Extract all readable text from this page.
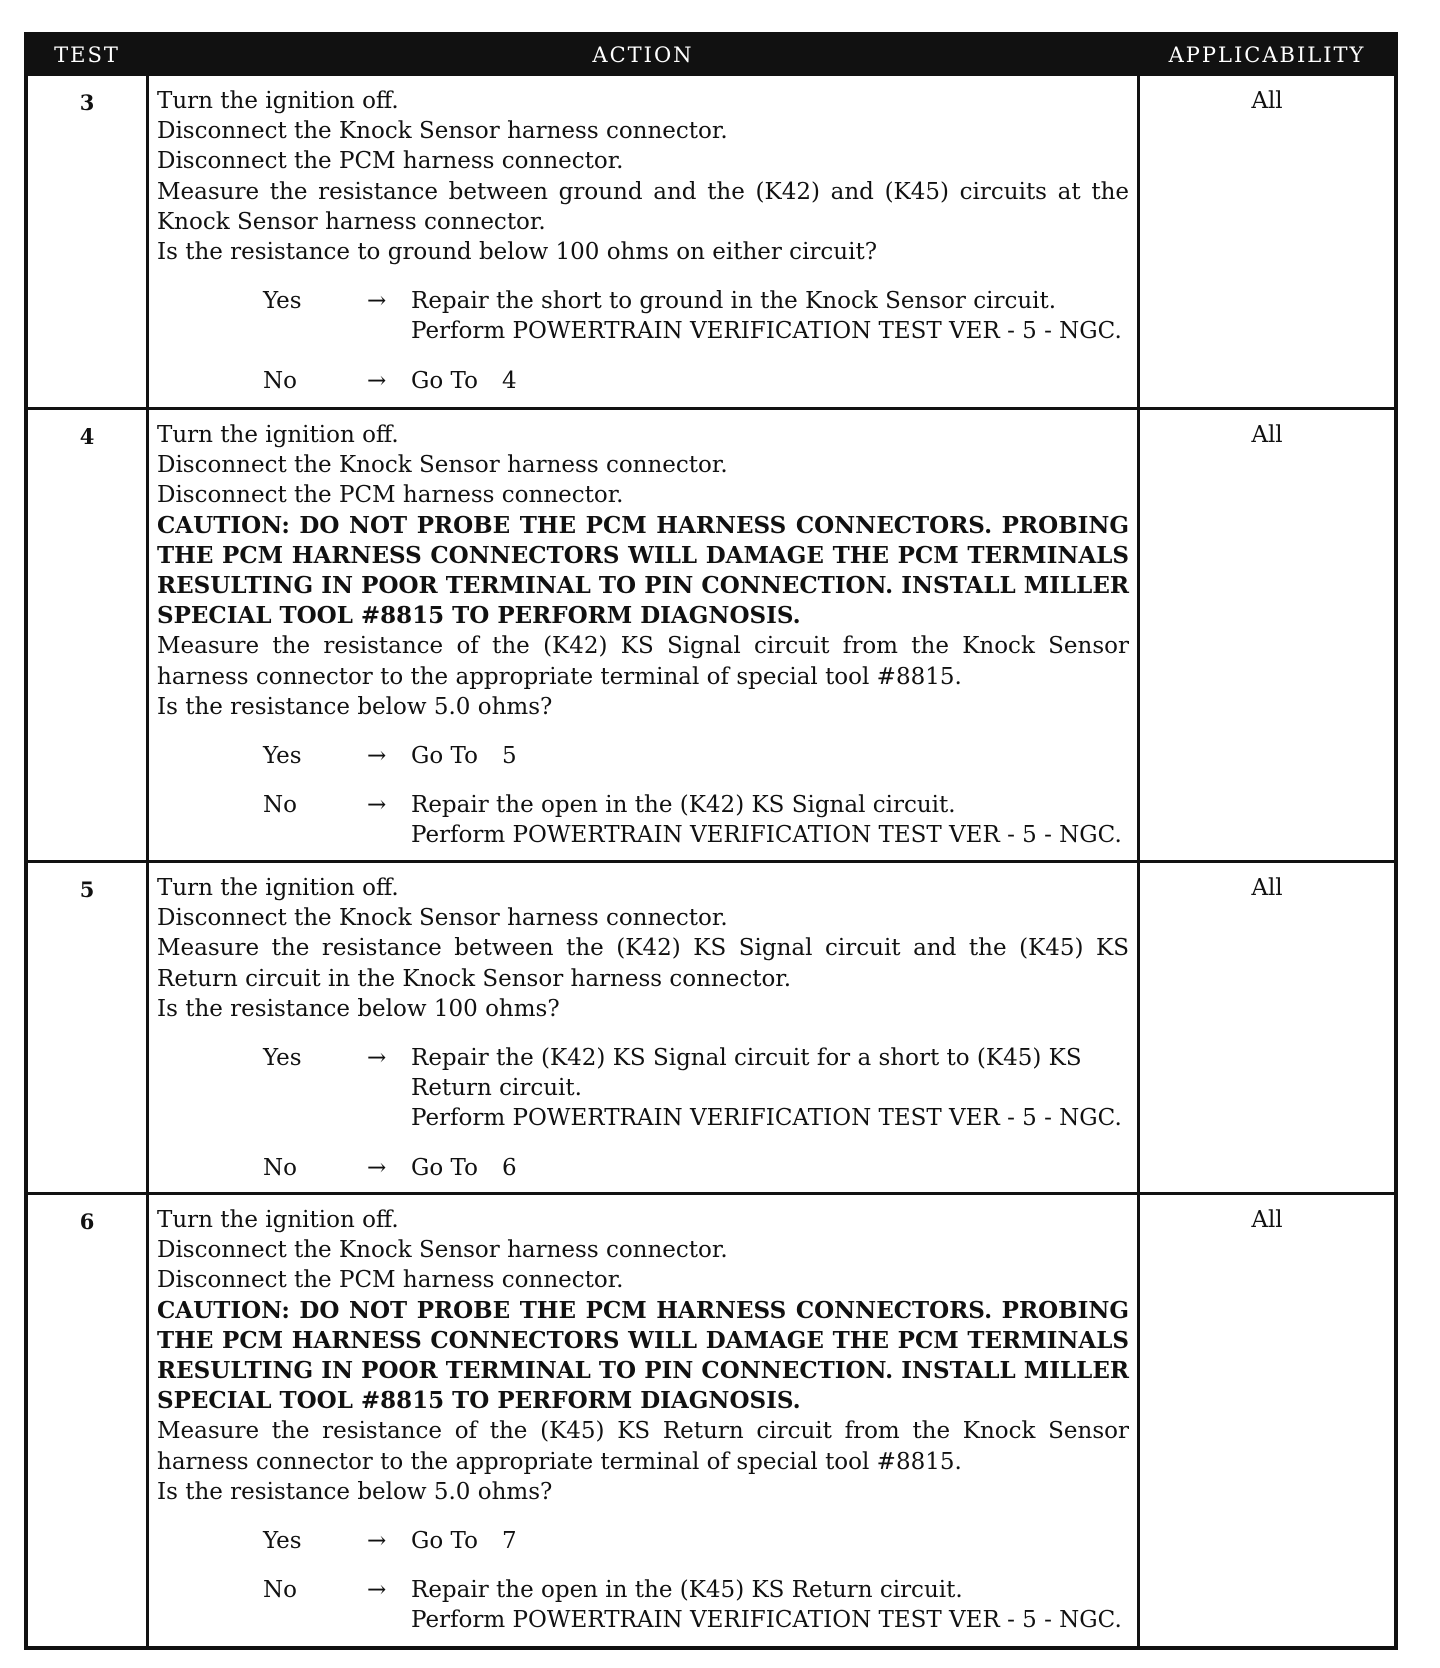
TEST	ACTION	APPLICABILITY
3	Turn the ignition off.

Disconnect the Knock Sensor harness connector.

Disconnect the PCM harness connector.

Measure the resistance between ground and the (K42) and (K45) circuits at the Knock Sensor harness connector.

Is the resistance to ground below 100 ohms on either circuit?

Yes	→	Repair the short to ground in the Knock Sensor circuit.
Perform POWERTRAIN VERIFICATION TEST VER - 5 - NGC.
No	→	Go To 4
All
4	Turn the ignition off.

Disconnect the Knock Sensor harness connector.

Disconnect the PCM harness connector.

CAUTION: DO NOT PROBE THE PCM HARNESS CONNECTORS. PROBING THE PCM HARNESS CONNECTORS WILL DAMAGE THE PCM TERMINALS RESULTING IN POOR TERMINAL TO PIN CONNECTION. INSTALL MILLER SPECIAL TOOL #8815 TO PERFORM DIAGNOSIS.

Measure the resistance of the (K42) KS Signal circuit from the Knock Sensor harness connector to the appropriate terminal of special tool #8815.

Is the resistance below 5.0 ohms?

Yes	→	Go To 5
No	→	Repair the open in the (K42) KS Signal circuit.
Perform POWERTRAIN VERIFICATION TEST VER - 5 - NGC.
All
5	Turn the ignition off.

Disconnect the Knock Sensor harness connector.

Measure the resistance between the (K42) KS Signal circuit and the (K45) KS Return circuit in the Knock Sensor harness connector.

Is the resistance below 100 ohms?

Yes	→	Repair the (K42) KS Signal circuit for a short to (K45) KS Return circuit.
Perform POWERTRAIN VERIFICATION TEST VER - 5 - NGC.
No	→	Go To 6
All
6	Turn the ignition off.

Disconnect the Knock Sensor harness connector.

Disconnect the PCM harness connector.

CAUTION: DO NOT PROBE THE PCM HARNESS CONNECTORS. PROBING THE PCM HARNESS CONNECTORS WILL DAMAGE THE PCM TERMINALS RESULTING IN POOR TERMINAL TO PIN CONNECTION. INSTALL MILLER SPECIAL TOOL #8815 TO PERFORM DIAGNOSIS.

Measure the resistance of the (K45) KS Return circuit from the Knock Sensor harness connector to the appropriate terminal of special tool #8815.

Is the resistance below 5.0 ohms?

Yes	→	Go To 7
No	→	Repair the open in the (K45) KS Return circuit.
Perform POWERTRAIN VERIFICATION TEST VER - 5 - NGC.
All
